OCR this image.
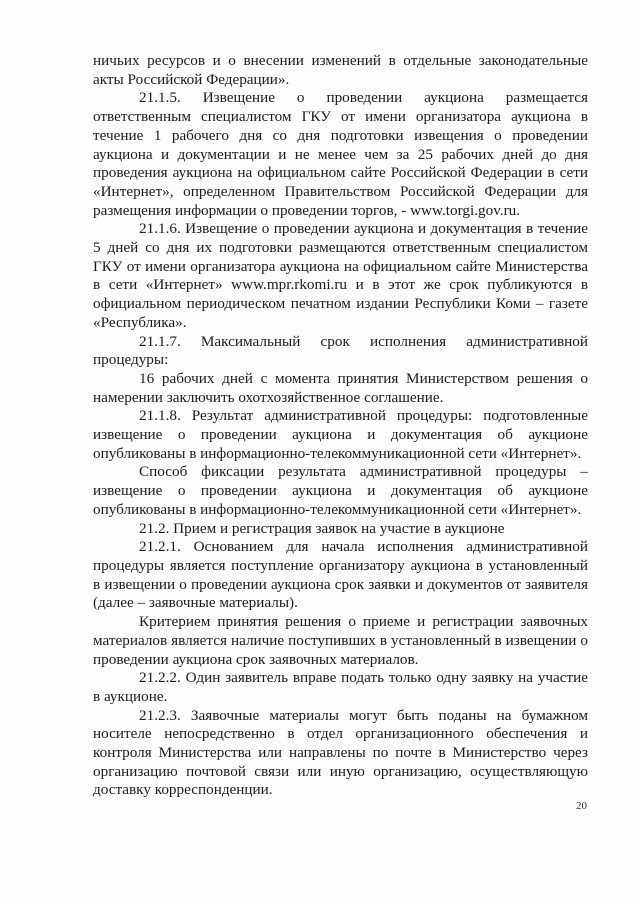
ничьих ресурсов и о внесении изменений в отдельные законодательные акты Российской Федерации».

21.1.5. Извещение о проведении аукциона размещается ответственным специалистом ГКУ от имени организатора аукциона в течение 1 рабочего дня со дня подготовки извещения о проведении аукциона и документации и не менее чем за 25 рабочих дней до дня проведения аукциона на официальном сайте Российской Федерации в сети «Интернет», определенном Правительством Российской Федерации для размещения информации о проведении торгов, - www.torgi.gov.ru.

21.1.6. Извещение о проведении аукциона и документация в течение 5 дней со дня их подготовки размещаются ответственным специалистом ГКУ от имени организатора аукциона на официальном сайте Министерства в сети «Интернет» www.mpr.rkomi.ru и в этот же срок публикуются в официальном периодическом печатном издании Республики Коми – газете «Республика».

21.1.7. Максимальный срок исполнения административной процедуры:

16 рабочих дней с момента принятия Министерством решения о намерении заключить охотхозяйственное соглашение.

21.1.8. Результат административной процедуры: подготовленные извещение о проведении аукциона и документация об аукционе опубликованы в информационно-телекоммуникационной сети «Интернет».

Способ фиксации результата административной процедуры – извещение о проведении аукциона и документация об аукционе опубликованы в информационно-телекоммуникационной сети «Интернет».

21.2. Прием и регистрация заявок на участие в аукционе

21.2.1. Основанием для начала исполнения административной процедуры является поступление организатору аукциона в установленный в извещении о проведении аукциона срок заявки и документов от заявителя (далее – заявочные материалы).

Критерием принятия решения о приеме и регистрации заявочных материалов является наличие поступивших в установленный в извещении о проведении аукциона срок заявочных материалов.

21.2.2. Один заявитель вправе подать только одну заявку на участие в аукционе.

21.2.3. Заявочные материалы могут быть поданы на бумажном носителе непосредственно в отдел организационного обеспечения и контроля Министерства или направлены по почте в Министерство через организацию почтовой связи или иную организацию, осуществляющую доставку корреспонденции.

20
